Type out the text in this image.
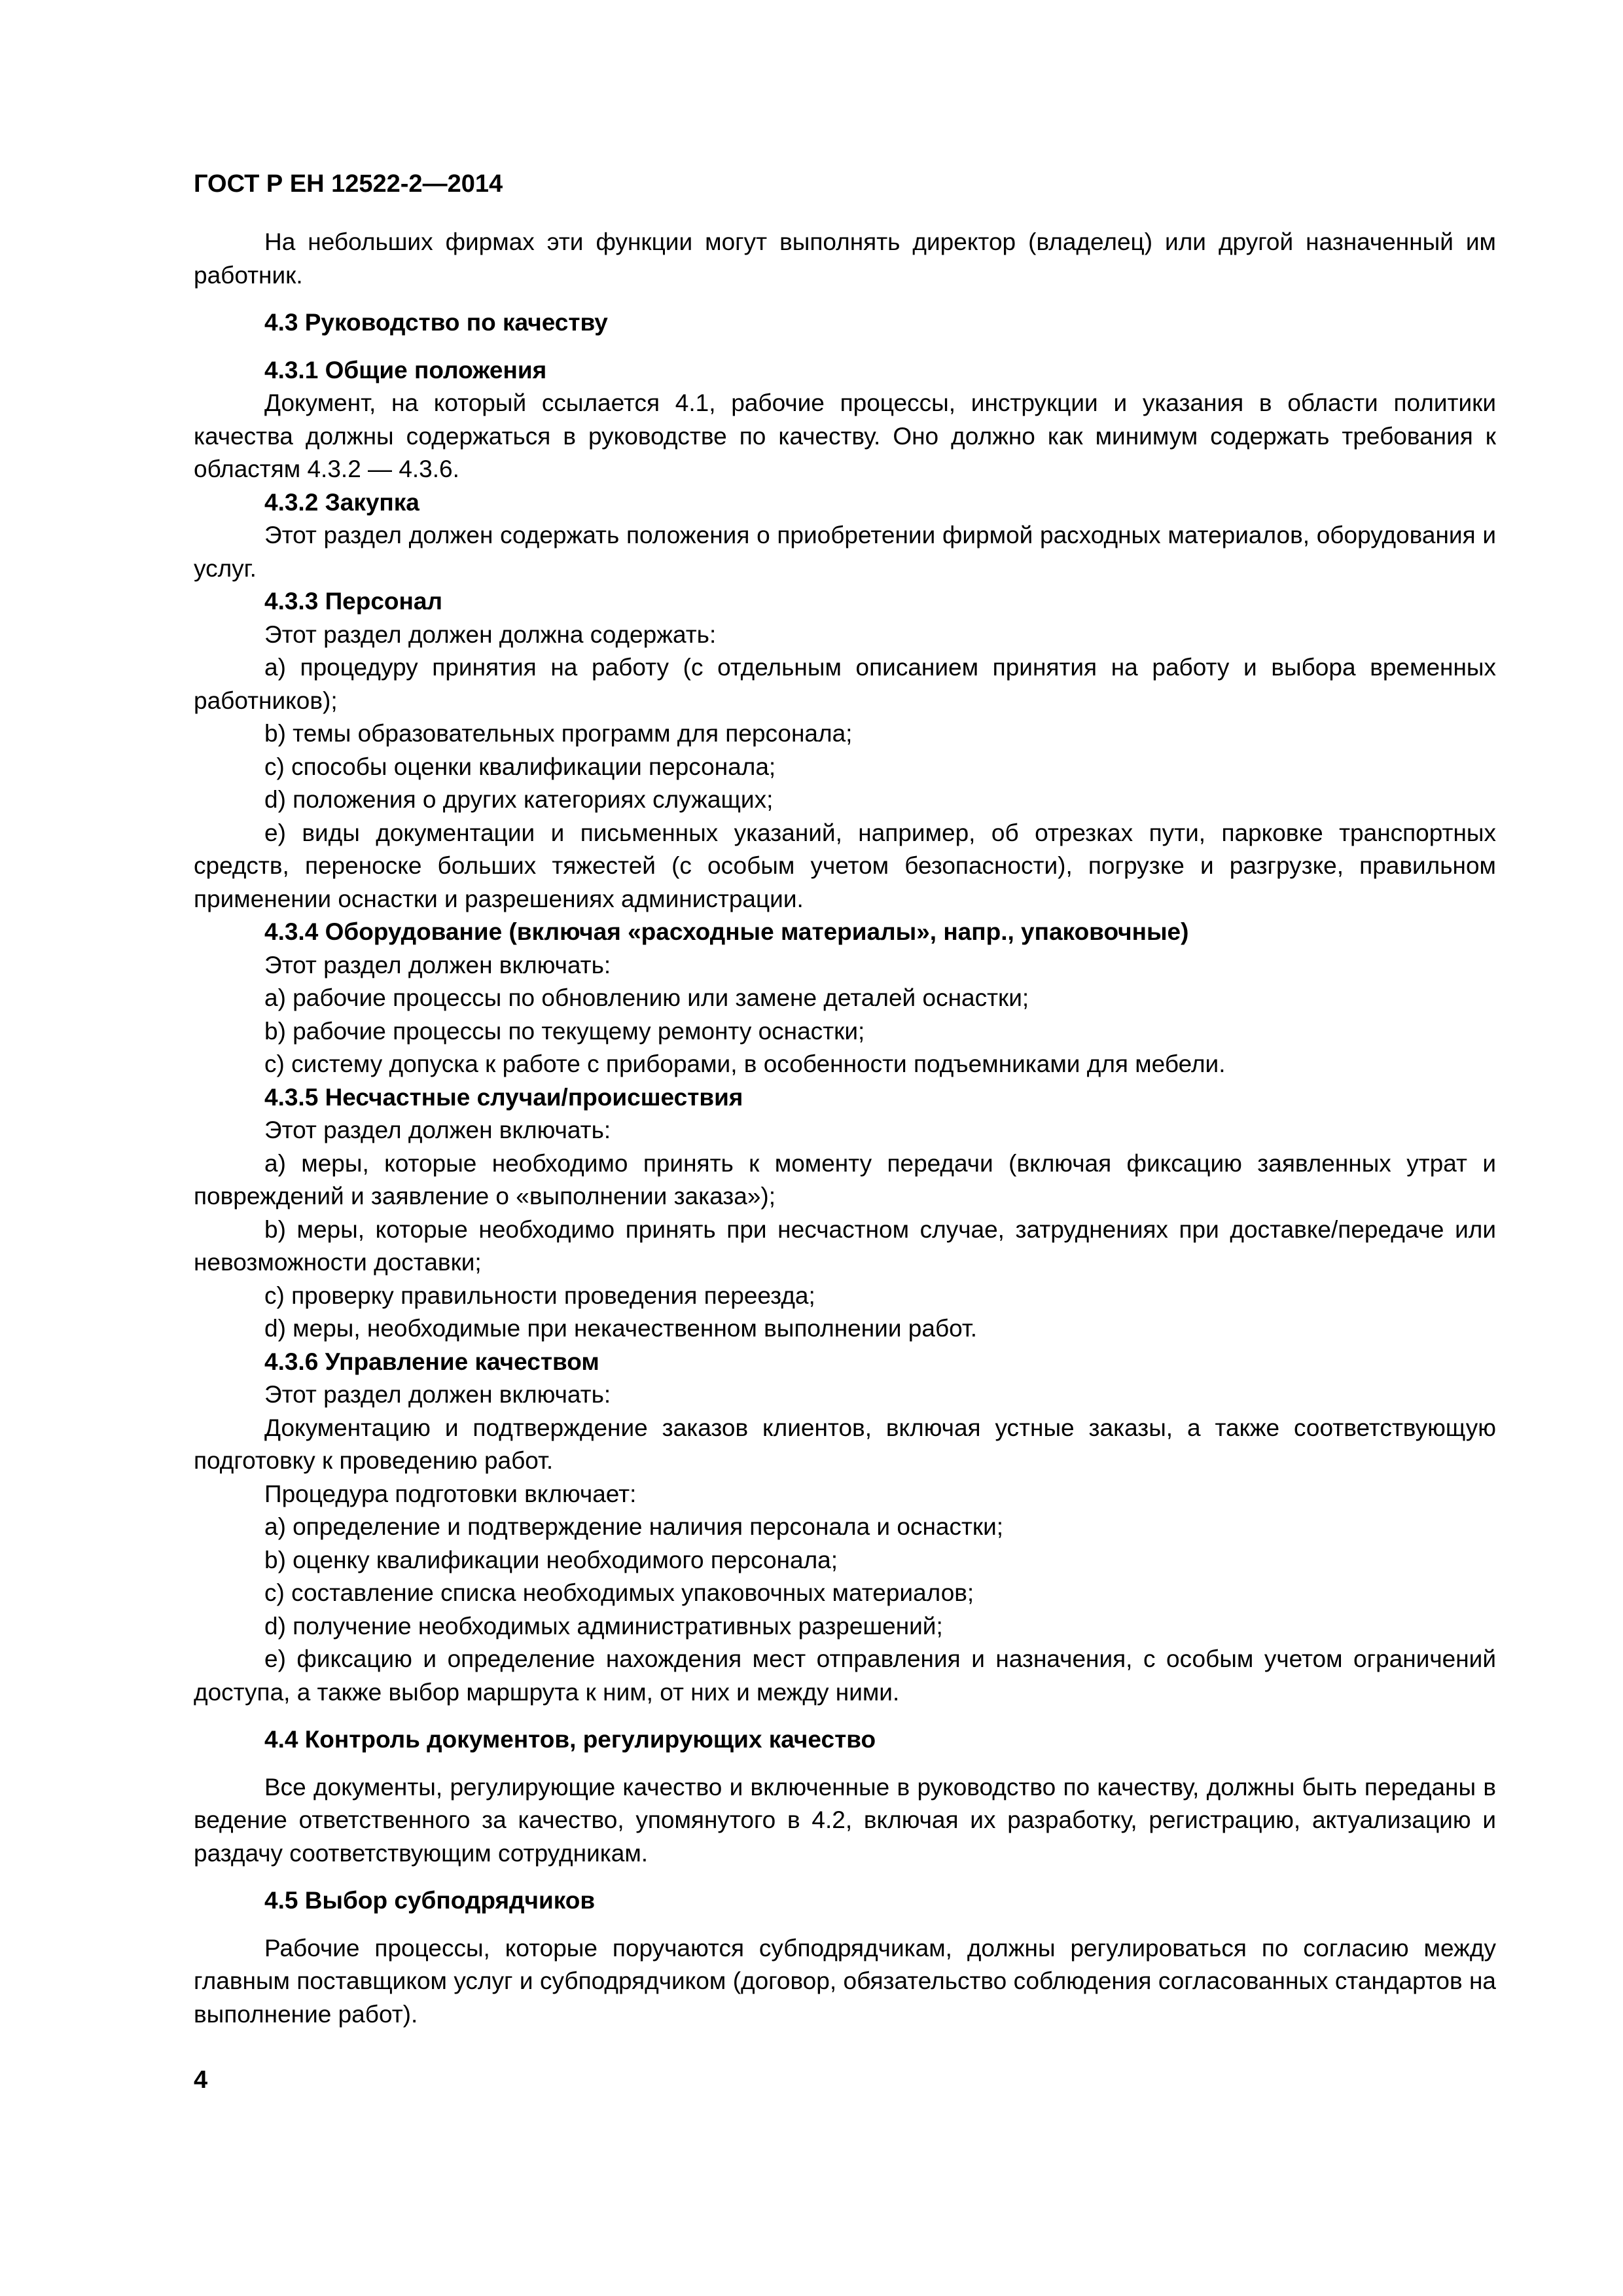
ГОСТ Р ЕН 12522-2—2014

На небольших фирмах эти функции могут выполнять директор (владелец) или другой назначенный им работник.

4.3 Руководство по качеству

4.3.1 Общие положения

Документ, на который ссылается 4.1, рабочие процессы, инструкции и указания в области политики качества должны содержаться в руководстве по качеству. Оно должно как минимум содержать требования к областям 4.3.2 — 4.3.6.

4.3.2 Закупка

Этот раздел должен содержать положения о приобретении фирмой расходных материалов, оборудования и услуг.

4.3.3 Персонал

Этот раздел должен должна содержать:

a) процедуру принятия на работу (с отдельным описанием принятия на работу и выбора временных работников);

b) темы образовательных программ для персонала;

c) способы оценки квалификации персонала;

d) положения о других категориях служащих;

e) виды документации и письменных указаний, например, об отрезках пути, парковке транспортных средств, переноске больших тяжестей (с особым учетом безопасности), погрузке и разгрузке, правильном применении оснастки и разрешениях администрации.

4.3.4 Оборудование (включая «расходные материалы», напр., упаковочные)

Этот раздел должен включать:

a) рабочие процессы по обновлению или замене деталей оснастки;

b) рабочие процессы по текущему ремонту оснастки;

c) систему допуска к работе с приборами, в особенности подъемниками для мебели.

4.3.5 Несчастные случаи/происшествия

Этот раздел должен включать:

a) меры, которые необходимо принять к моменту передачи (включая фиксацию заявленных утрат и повреждений и заявление о «выполнении заказа»);

b) меры, которые необходимо принять при несчастном случае, затруднениях при доставке/передаче или невозможности доставки;

c) проверку правильности проведения переезда;

d) меры, необходимые при некачественном выполнении работ.

4.3.6 Управление качеством

Этот раздел должен включать:

Документацию и подтверждение заказов клиентов, включая устные заказы, а также соответствующую подготовку к проведению работ.

Процедура подготовки включает:

a) определение и подтверждение наличия персонала и оснастки;

b) оценку квалификации необходимого персонала;

c) составление списка необходимых упаковочных материалов;

d) получение необходимых административных разрешений;

e) фиксацию и определение нахождения мест отправления и назначения, с особым учетом ограничений доступа, а также выбор маршрута к ним, от них и между ними.

4.4 Контроль документов, регулирующих качество

Все документы, регулирующие качество и включенные в руководство по качеству, должны быть переданы в ведение ответственного за качество, упомянутого в 4.2, включая их разработку, регистрацию, актуализацию и раздачу соответствующим сотрудникам.

4.5 Выбор субподрядчиков

Рабочие процессы, которые поручаются субподрядчикам, должны регулироваться по согласию между главным поставщиком услуг и субподрядчиком (договор, обязательство соблюдения согласованных стандартов на выполнение работ).

4
